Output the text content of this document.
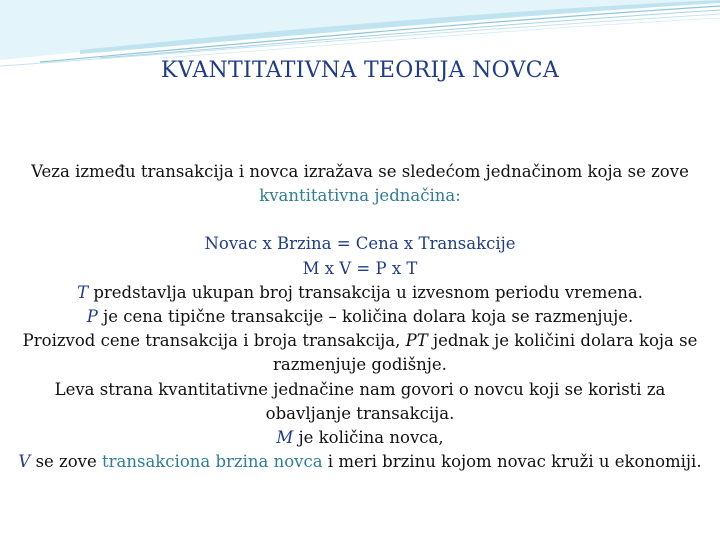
KVANTITATIVNA TEORIJA NOVCA
Veza između transakcija i novca izražava se sledećom jednačinom koja se zove
kvantitativna jednačina:
Novac x Brzina = Cena x Transakcije
M x V = P x T
T predstavlja ukupan broj transakcija u izvesnom periodu vremena.
P je cena tipične transakcije – količina dolara koja se razmenjuje.
Proizvod cene transakcija i broja transakcija, PT jednak je količini dolara koja se razmenjuje godišnje.
Leva strana kvantitativne jednačine nam govori o novcu koji se koristi za obavljanje transakcija.
M je količina novca,
V se zove transakciona brzina novca i meri brzinu kojom novac kruži u ekonomiji.
